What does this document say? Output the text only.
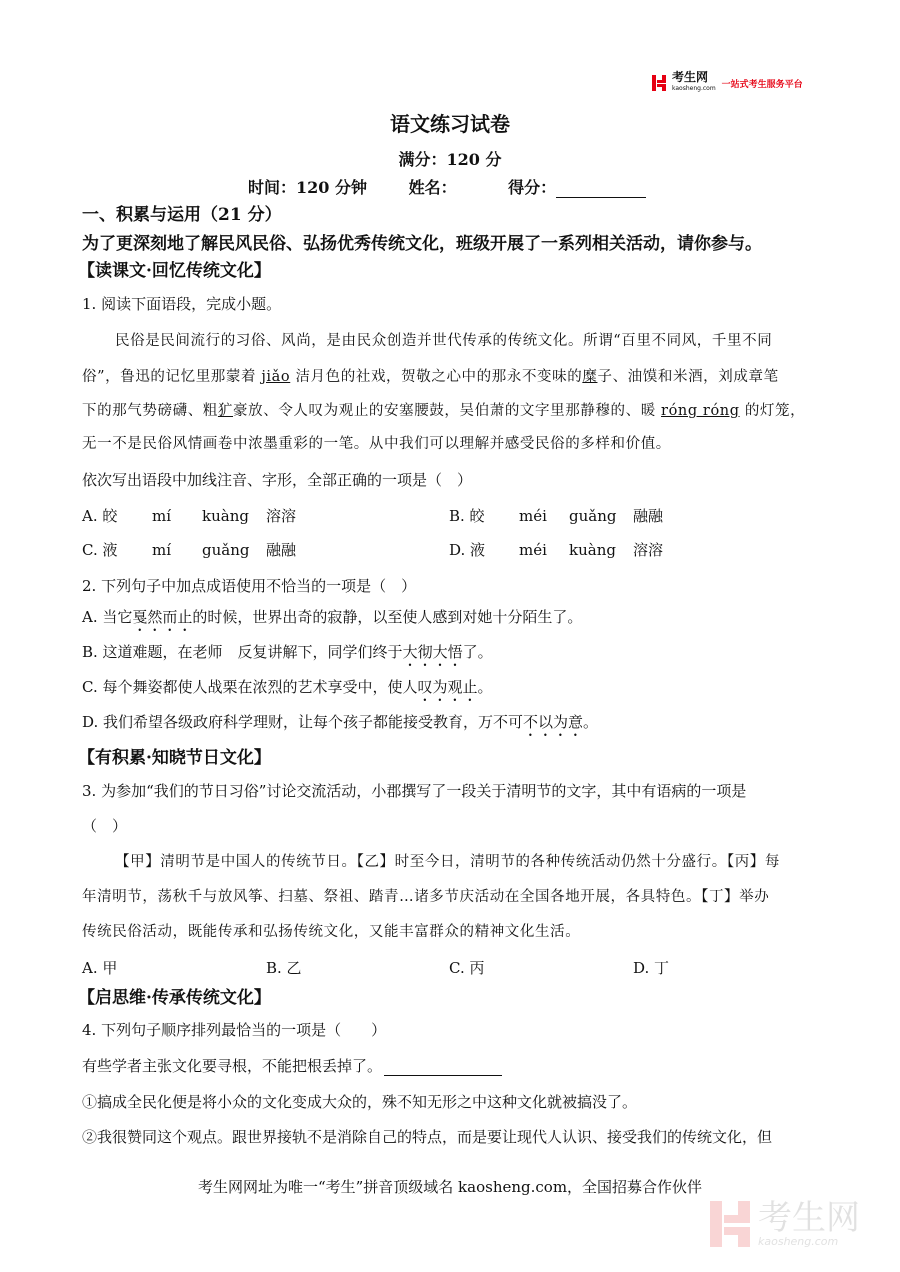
考生网
kaosheng.com 一站式考生服务平台
语文练习试卷
满分：120 分
时间：120 分钟	姓名：	得分：
一、积累与运用（21 分）
为了更深刻地了解民风民俗、弘扬优秀传统文化，班级开展了一系列相关活动，请你参与。
【读课文·回忆传统文化】
1. 阅读下面语段，完成小题。
民俗是民间流行的习俗、风尚，是由民众创造并世代传承的传统文化。所谓“百里不同风，千里不同
俗”，鲁迅的记忆里那蒙着 jiǎo 洁月色的社戏，贺敬之心中的那永不变味的糜子、油馍和米酒，刘成章笔
下的那气势磅礴、粗犷豪放、令人叹为观止的安塞腰鼓，吴伯萧的文字里那静穆的、暖 róng róng 的灯笼，
无一不是民俗风情画卷中浓墨重彩的一笔。从中我们可以理解并感受民俗的多样和价值。
依次写出语段中加线注音、字形，全部正确的一项是（　）
A. 皎 mí kuàng 溶溶	B. 皎 méi guǎng 融融
C. 液 mí guǎng 融融	D. 液 méi kuàng 溶溶
2. 下列句子中加点成语使用不恰当的一项是（　）
A. 当它戛然而止的时候，世界出奇的寂静，以至使人感到对她十分陌生了。
B. 这道难题，在老师　反复讲解下，同学们终于大彻大悟了。
C. 每个舞姿都使人战栗在浓烈的艺术享受中，使人叹为观止。
D. 我们希望各级政府科学理财，让每个孩子都能接受教育，万不可不以为意。
【有积累·知晓节日文化】
3. 为参加“我们的节日习俗”讨论交流活动，小郡撰写了一段关于清明节的文字，其中有语病的一项是
（　）
【甲】清明节是中国人的传统节日。【乙】时至今日，清明节的各种传统活动仍然十分盛行。【丙】每
年清明节，荡秋千与放风筝、扫墓、祭祖、踏青…诸多节庆活动在全国各地开展，各具特色。【丁】举办
传统民俗活动，既能传承和弘扬传统文化，又能丰富群众的精神文化生活。
A. 甲	B. 乙	C. 丙	D. 丁
【启思维·传承传统文化】
4. 下列句子顺序排列最恰当的一项是（　　）
有些学者主张文化要寻根，不能把根丢掉了。
①搞成全民化便是将小众的文化变成大众的，殊不知无形之中这种文化就被搞没了。
②我很赞同这个观点。跟世界接轨不是消除自己的特点，而是要让现代人认识、接受我们的传统文化，但
考生网网址为唯一“考生”拼音顶级域名 kaosheng.com，全国招募合作伙伴
考生网
kaosheng.com
